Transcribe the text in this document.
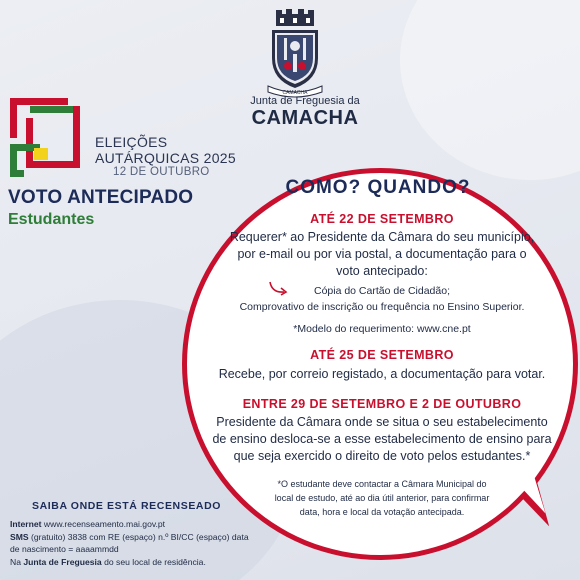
CAMACHA
Junta de Freguesia da
CAMACHA
ELEIÇÕES
AUTÁRQUICAS 2025
12 DE OUTUBRO
VOTO ANTECIPADO
Estudantes
COMO? QUANDO?
ATÉ 22 DE SETEMBRO
Requerer* ao Presidente da Câmara do seu município,
por e-mail ou por via postal, a documentação para o
voto antecipado:
Cópia do Cartão de Cidadão;
Comprovativo de inscrição ou frequência no Ensino Superior.
*Modelo do requerimento: www.cne.pt
ATÉ 25 DE SETEMBRO
Recebe, por correio registado, a documentação para votar.
ENTRE 29 DE SETEMBRO E 2 DE OUTUBRO
Presidente da Câmara onde se situa o seu estabelecimento
de ensino desloca-se a esse estabelecimento de ensino para
que seja exercido o direito de voto pelos estudantes.*
*O estudante deve contactar a Câmara Municipal do
local de estudo, até ao dia útil anterior, para confirmar
data, hora e local da votação antecipada.
SAIBA ONDE ESTÁ RECENSEADO
Internet www.recenseamento.mai.gov.pt
SMS (gratuito) 3838 com RE (espaço) n.º BI/CC (espaço) data
de nascimento = aaaammdd
Na Junta de Freguesia do seu local de residência.
